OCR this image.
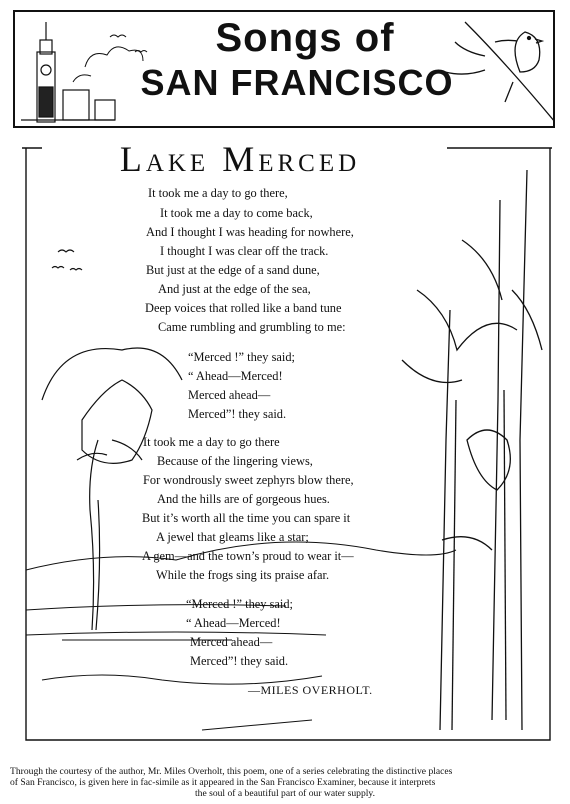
Songs of
SAN FRANCISCO
Lake Merced
It took me a day to go there,
It took me a day to come back,
And I thought I was heading for nowhere,
I thought I was clear off the track.
But just at the edge of a sand dune,
And just at the edge of the sea,
Deep voices that rolled like a band tune
Came rumbling and grumbling to me:
“Merced !” they said;
“ Ahead—Merced!
Merced ahead—
Merced”! they said.
It took me a day to go there
Because of the lingering views,
For wondrously sweet zephyrs blow there,
And the hills are of gorgeous hues.
But it’s worth all the time you can spare it
A jewel that gleams like a star;
A gem—and the town’s proud to wear it—
While the frogs sing its praise afar.
“Merced !” they said;
“ Ahead—Merced!
Merced ahead—
Merced”! they said.
—MILES OVERHOLT.
Through the courtesy of the author, Mr. Miles Overholt, this poem, one of a series celebrating the distinctive places
of San Francisco, is given here in fac-simile as it appeared in the San Francisco Examiner, because it interprets
the soul of a beautiful part of our water supply.
